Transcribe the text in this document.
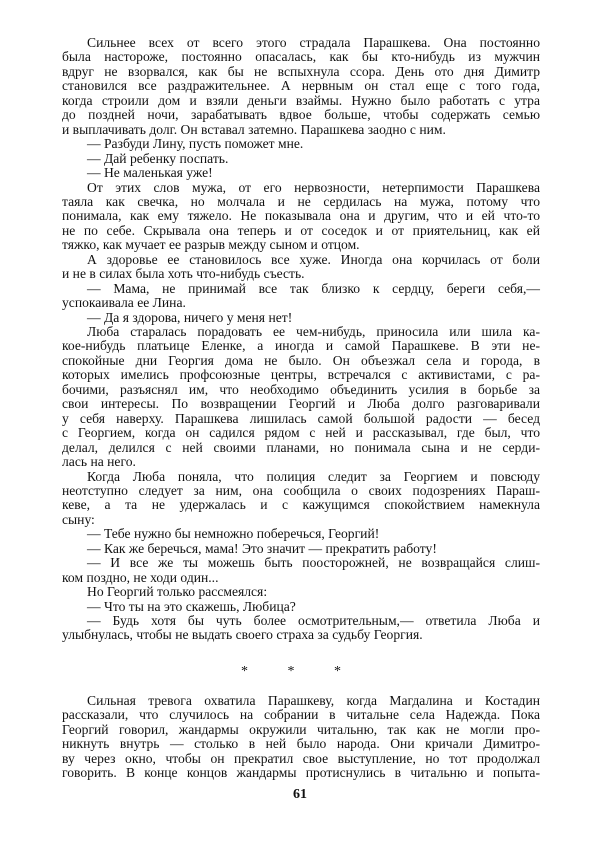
Сильнее всех от всего этого страдала Парашкева. Она постоянно
была настороже, постоянно опасалась, как бы кто-нибудь из мужчин
вдруг не взорвался, как бы не вспыхнула ссора. День ото дня Димитр
становился все раздражительнее. А нервным он стал еще с того года,
когда строили дом и взяли деньги взаймы. Нужно было работать с утра
до поздней ночи, зарабатывать вдвое больше, чтобы содержать семью
и выплачивать долг. Он вставал затемно. Парашкева заодно с ним.
— Разбуди Лину, пусть поможет мне.
— Дай ребенку поспать.
— Не маленькая уже!
От этих слов мужа, от его нервозности, нетерпимости Парашкева
таяла как свечка, но молчала и не сердилась на мужа, потому что
понимала, как ему тяжело. Не показывала она и другим, что и ей что-то
не по себе. Скрывала она теперь и от соседок и от приятельниц, как ей
тяжко, как мучает ее разрыв между сыном и отцом.
А здоровье ее становилось все хуже. Иногда она корчилась от боли
и не в силах была хоть что-нибудь съесть.
— Мама, не принимай все так близко к сердцу, береги себя,—
успокаивала ее Лина.
— Да я здорова, ничего у меня нет!
Люба старалась порадовать ее чем-нибудь, приносила или шила ка-
кое-нибудь платьице Еленке, а иногда и самой Парашкеве. В эти не-
спокойные дни Георгия дома не было. Он объезжал села и города, в
которых имелись профсоюзные центры, встречался с активистами, с ра-
бочими, разъяснял им, что необходимо объединить усилия в борьбе за
свои интересы. По возвращении Георгий и Люба долго разговаривали
у себя наверху. Парашкева лишилась самой большой радости — бесед
с Георгием, когда он садился рядом с ней и рассказывал, где был, что
делал, делился с ней своими планами, но понимала сына и не серди-
лась на него.
Когда Люба поняла, что полиция следит за Георгием и повсюду
неотступно следует за ним, она сообщила о своих подозрениях Параш-
кеве, а та не удержалась и с кажущимся спокойствием намекнула
сыну:
— Тебе нужно бы немножно поберечься, Георгий!
— Как же беречься, мама! Это значит — прекратить работу!
— И все же ты можешь быть поосторожней, не возвращайся слиш-
ком поздно, не ходи один...
Но Георгий только рассмеялся:
— Что ты на это скажешь, Любица?
— Будь хотя бы чуть более осмотрительным,— ответила Люба и
улыбнулась, чтобы не выдать своего страха за судьбу Георгия.
Сильная тревога охватила Парашкеву, когда Магдалина и Костадин
рассказали, что случилось на собрании в читальне села Надежда. Пока
Георгий говорил, жандармы окружили читальню, так как не могли про-
никнуть внутрь — столько в ней было народа. Они кричали Димитро-
ву через окно, чтобы он прекратил свое выступление, но тот продолжал
говорить. В конце концов жандармы протиснулись в читальню и попыта-
* * *
61
